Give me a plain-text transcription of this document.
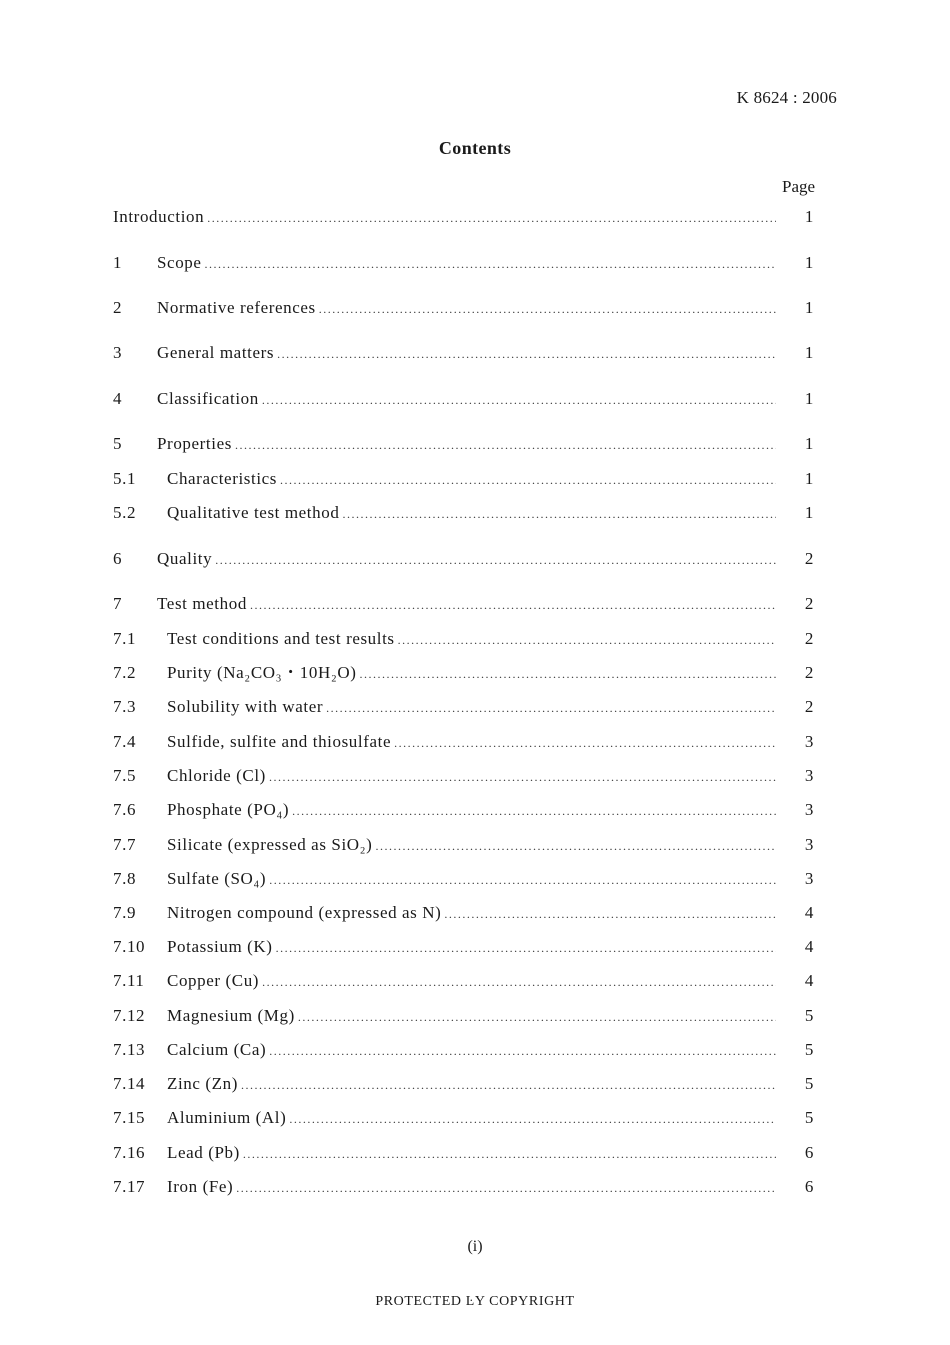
K 8624 : 2006
Contents
Page
Introduction .....	1
1 Scope .....	1
2 Normative references .....	1
3 General matters .....	1
4 Classification .....	1
5 Properties .....	1
5.1 Characteristics .....	1
5.2 Qualitative test method .....	1
6 Quality .....	2
7 Test method .....	2
7.1 Test conditions and test results .....	2
7.2 Purity (Na₂CO₃・10H₂O) .....	2
7.3 Solubility with water .....	2
7.4 Sulfide, sulfite and thiosulfate .....	3
7.5 Chloride (Cl) .....	3
7.6 Phosphate (PO₄) .....	3
7.7 Silicate (expressed as SiO₂) .....	3
7.8 Sulfate (SO₄) .....	3
7.9 Nitrogen compound (expressed as N) .....	4
7.10 Potassium (K) .....	4
7.11 Copper (Cu) .....	4
7.12 Magnesium (Mg) .....	5
7.13 Calcium (Ca) .....	5
7.14 Zinc (Zn) .....	5
7.15 Aluminium (Al) .....	5
7.16 Lead (Pb) .....	6
7.17 Iron (Fe) .....	6
(i)
PROTECTED ĿY COPYRIGHT
